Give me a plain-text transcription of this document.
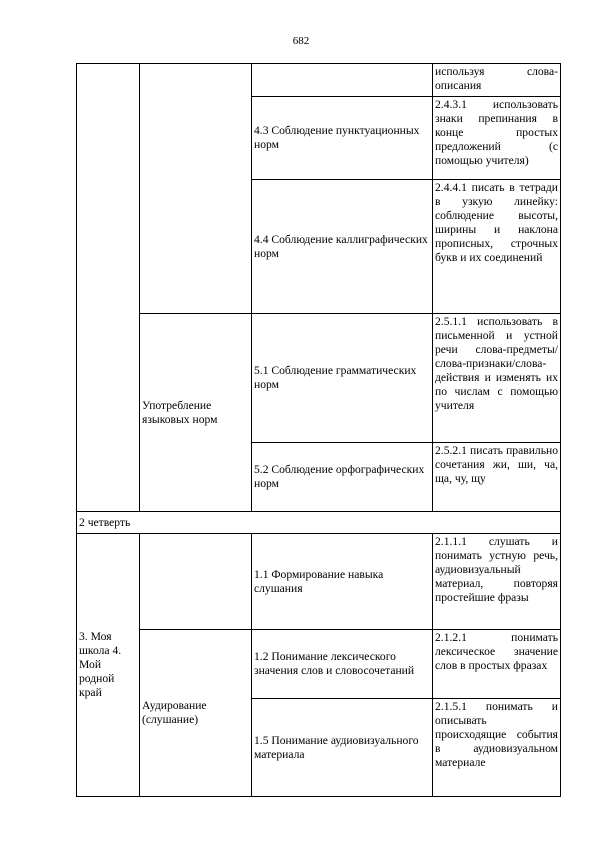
682
			используя слова-описания
		4.3 Соблюдение пунктуационных норм	2.4.3.1 использовать знаки препинания в конце простых предложений (с помощью учителя)
		4.4 Соблюдение каллиграфических норм	2.4.4.1 писать в тетради в узкую линейку: соблюдение высоты, ширины и наклона прописных, строчных букв и их соединений
	Употребление языковых норм	5.1 Соблюдение грамматических норм	2.5.1.1 использовать в письменной и устной речи слова-предметы/слова-признаки/слова-действия и изменять их по числам с помощью учителя
		5.2 Соблюдение орфографических норм	2.5.2.1 писать правильно сочетания жи, ши, ча, ща, чу, щу
2 четверть			
3. Моя школа 4. Мой родной край		1.1 Формирование навыка слушания	2.1.1.1 слушать и понимать устную речь, аудиовизуальный материал, повторяя простейшие фразы
	Аудирование (слушание)	1.2 Понимание лексического значения слов и словосочетаний	2.1.2.1 понимать лексическое значение слов в простых фразах
		1.5 Понимание аудиовизуального материала	2.1.5.1 понимать и описывать происходящие события в аудиовизуальном материале
